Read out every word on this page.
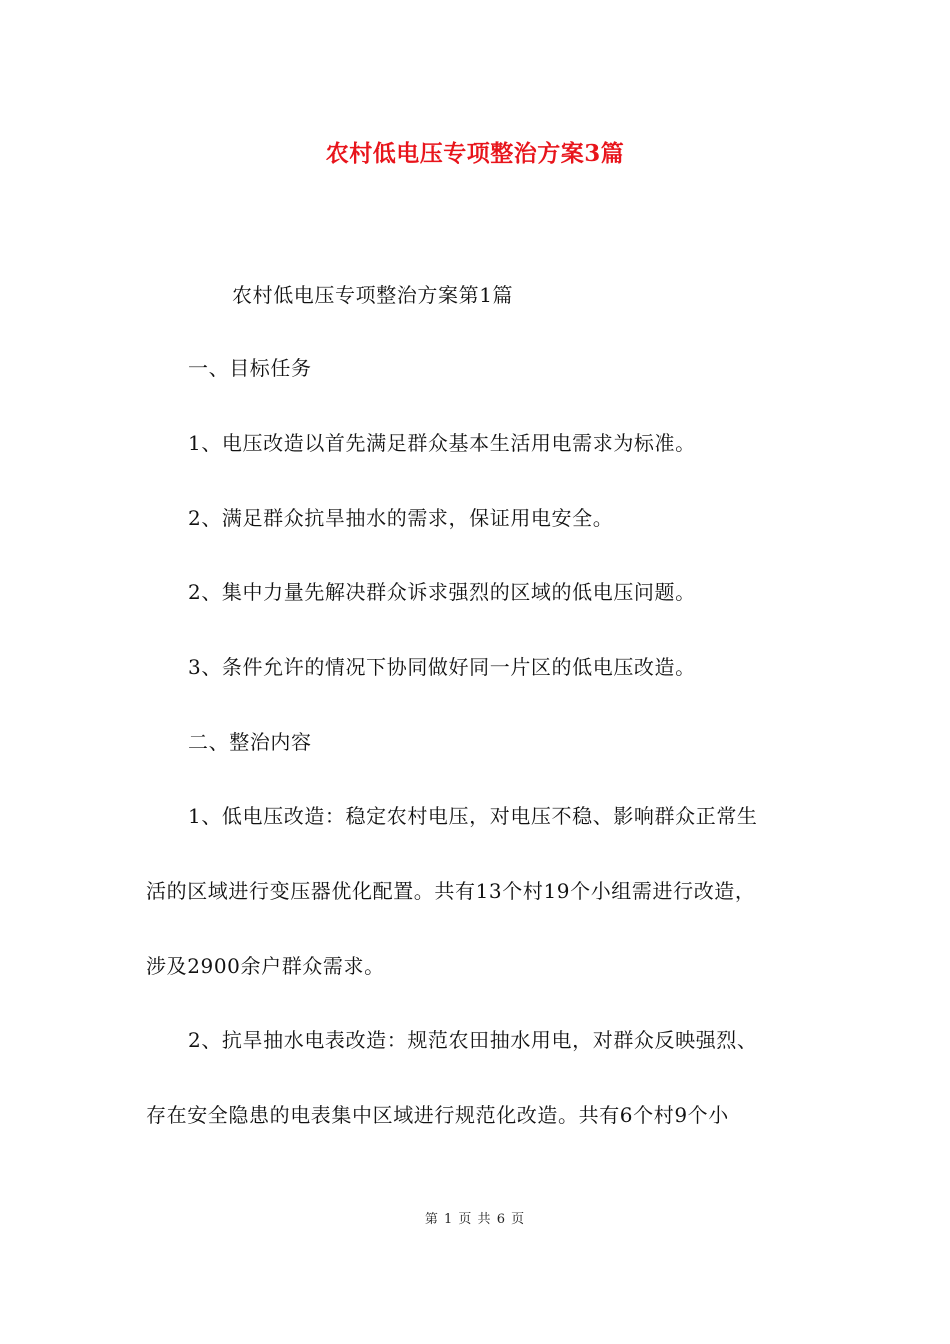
农村低电压专项整治方案3篇
农村低电压专项整治方案第1篇
一、目标任务
1、电压改造以首先满足群众基本生活用电需求为标准。
2、满足群众抗旱抽水的需求，保证用电安全。
2、集中力量先解决群众诉求强烈的区域的低电压问题。
3、条件允许的情况下协同做好同一片区的低电压改造。
二、整治内容
1、低电压改造：稳定农村电压，对电压不稳、影响群众正常生
活的区域进行变压器优化配置。共有13个村19个小组需进行改造，
涉及2900余户群众需求。
2、抗旱抽水电表改造：规范农田抽水用电，对群众反映强烈、
存在安全隐患的电表集中区域进行规范化改造。共有6个村9个小
第 1 页 共 6 页
